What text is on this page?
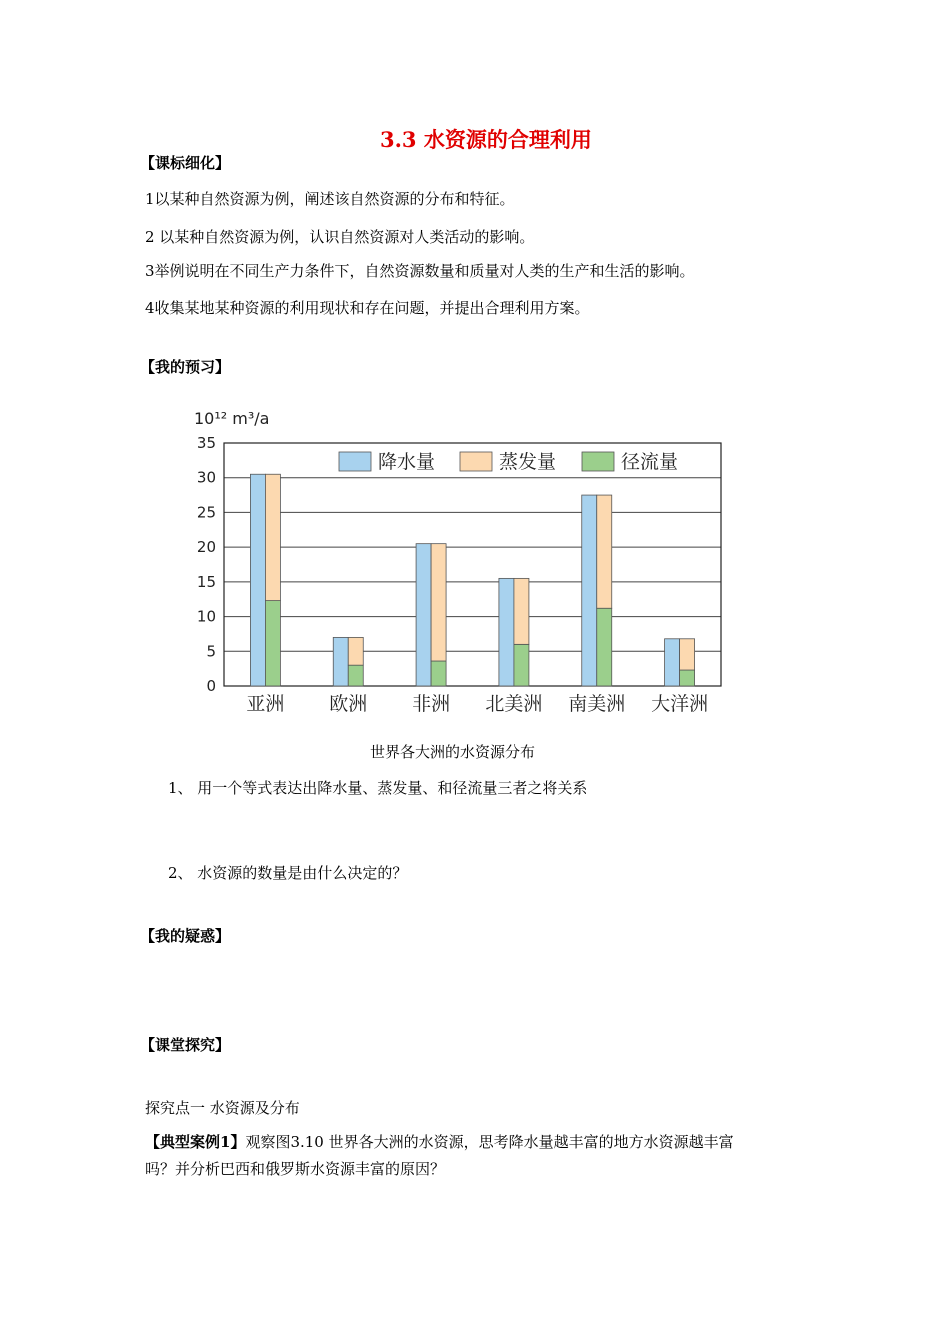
3.3 水资源的合理利用
【课标细化】
1以某种自然资源为例，阐述该自然资源的分布和特征。
2 以某种自然资源为例，认识自然资源对人类活动的影响。
3举例说明在不同生产力条件下，自然资源数量和质量对人类的生产和生活的影响。
4收集某地某种资源的利用现状和存在问题，并提出合理利用方案。
【我的预习】
0
5
10
15
20
25
30
35
亚洲 欧洲 非洲 北美洲 南美洲 大洋洲
降水量	蒸发量	径流量
10¹² m³/a
世界各大洲的水资源分布
1、 用一个等式表达出降水量、蒸发量、和径流量三者之将关系
2、 水资源的数量是由什么决定的？
【我的疑惑】
【课堂探究】
探究点一 水资源及分布
【典型案例1】观察图3.10 世界各大洲的水资源，思考降水量越丰富的地方水资源越丰富
吗？并分析巴西和俄罗斯水资源丰富的原因？
